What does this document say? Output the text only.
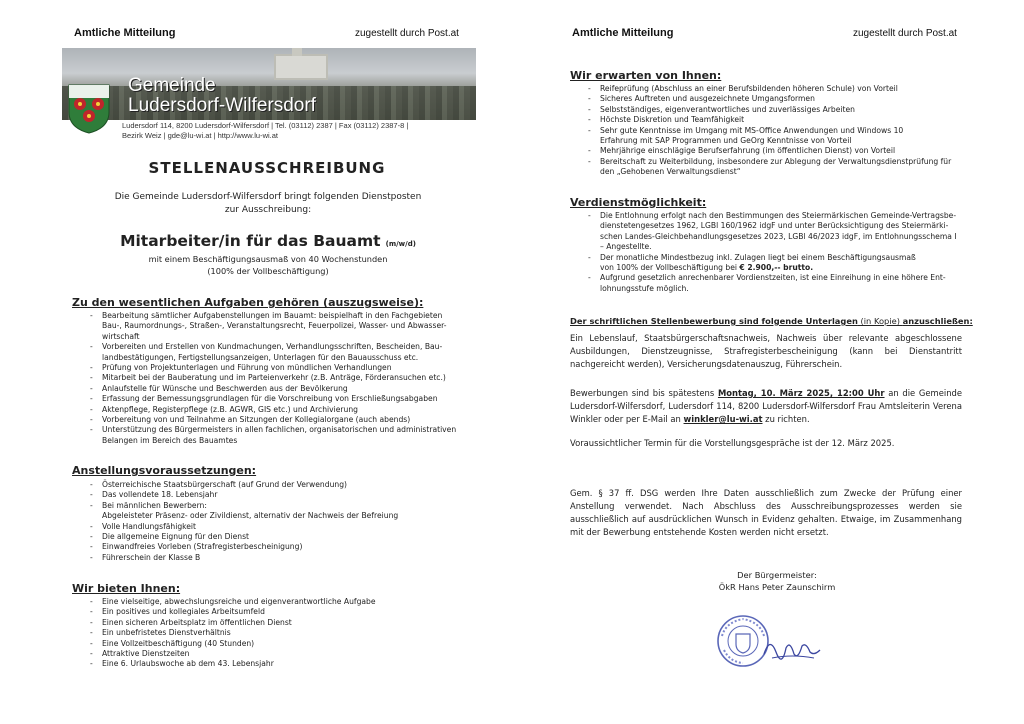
Amtliche Mitteilung	zugestellt durch Post.at
Gemeinde
Ludersdorf-Wilfersdorf
Ludersdorf 114, 8200 Ludersdorf-Wilfersdorf | Tel. (03112) 2387 | Fax (03112) 2387-8 |
Bezirk Weiz | gde@lu-wi.at | http://www.lu-wi.at
STELLENAUSSCHREIBUNG
Die Gemeinde Ludersdorf-Wilfersdorf bringt folgenden Dienstposten
zur Ausschreibung:
Mitarbeiter/in für das Bauamt (m/w/d)
mit einem Beschäftigungsausmaß von 40 Wochenstunden
(100% der Vollbeschäftigung)
Zu den wesentlichen Aufgaben gehören (auszugsweise):
- Bearbeitung sämtlicher Aufgabenstellungen im Bauamt: beispielhaft in den Fachgebieten
Bau-, Raumordnungs-, Straßen-, Veranstaltungsrecht, Feuerpolizei, Wasser- und Abwasser-
wirtschaft
- Vorbereiten und Erstellen von Kundmachungen, Verhandlungsschriften, Bescheiden, Bau-
landbestätigungen, Fertigstellungsanzeigen, Unterlagen für den Bauausschuss etc.
- Prüfung von Projektunterlagen und Führung von mündlichen Verhandlungen
- Mitarbeit bei der Bauberatung und im Parteienverkehr (z.B. Anträge, Förderansuchen etc.)
- Anlaufstelle für Wünsche und Beschwerden aus der Bevölkerung
- Erfassung der Bemessungsgrundlagen für die Vorschreibung von Erschließungsabgaben
- Aktenpflege, Registerpflege (z.B. AGWR, GIS etc.) und Archivierung
- Vorbereitung von und Teilnahme an Sitzungen der Kollegialorgane (auch abends)
- Unterstützung des Bürgermeisters in allen fachlichen, organisatorischen und administrativen
Belangen im Bereich des Bauamtes
Anstellungsvoraussetzungen:
- Österreichische Staatsbürgerschaft (auf Grund der Verwendung)
- Das vollendete 18. Lebensjahr
- Bei männlichen Bewerbern:
Abgeleisteter Präsenz- oder Zivildienst, alternativ der Nachweis der Befreiung
- Volle Handlungsfähigkeit
- Die allgemeine Eignung für den Dienst
- Einwandfreies Vorleben (Strafregisterbescheinigung)
- Führerschein der Klasse B
Wir bieten Ihnen:
- Eine vielseitige, abwechslungsreiche und eigenverantwortliche Aufgabe
- Ein positives und kollegiales Arbeitsumfeld
- Einen sicheren Arbeitsplatz im öffentlichen Dienst
- Ein unbefristetes Dienstverhältnis
- Eine Vollzeitbeschäftigung (40 Stunden)
- Attraktive Dienstzeiten
- Eine 6. Urlaubswoche ab dem 43. Lebensjahr
Amtliche Mitteilung	zugestellt durch Post.at
Wir erwarten von Ihnen:
- Reifeprüfung (Abschluss an einer Berufsbildenden höheren Schule) von Vorteil
- Sicheres Auftreten und ausgezeichnete Umgangsformen
- Selbstständiges, eigenverantwortliches und zuverlässiges Arbeiten
- Höchste Diskretion und Teamfähigkeit
- Sehr gute Kenntnisse im Umgang mit MS-Office Anwendungen und Windows 10
Erfahrung mit SAP Programmen und GeOrg Kenntnisse von Vorteil
- Mehrjährige einschlägige Berufserfahrung (im öffentlichen Dienst) von Vorteil
- Bereitschaft zu Weiterbildung, insbesondere zur Ablegung der Verwaltungsdienstprüfung für
den „Gehobenen Verwaltungsdienst“
Verdienstmöglichkeit:
- Die Entlohnung erfolgt nach den Bestimmungen des Steiermärkischen Gemeinde-Vertragsbe-
dienstetengesetzes 1962, LGBl 160/1962 idgF und unter Berücksichtigung des Steiermärki-
schen Landes-Gleichbehandlungsgesetzes 2023, LGBl 46/2023 idgF, im Entlohnungsschema I
– Angestellte.
- Der monatliche Mindestbezug inkl. Zulagen liegt bei einem Beschäftigungsausmaß
von 100% der Vollbeschäftigung bei € 2.900,-- brutto.
- Aufgrund gesetzlich anrechenbarer Vordienstzeiten, ist eine Einreihung in eine höhere Ent-
lohnungsstufe möglich.
Der schriftlichen Stellenbewerbung sind folgende Unterlagen (in Kopie) anzuschließen:
Ein Lebenslauf, Staatsbürgerschaftsnachweis, Nachweis über relevante abgeschlossene Ausbildungen, Dienstzeugnisse, Strafregisterbescheinigung (kann bei Dienstantritt nachgereicht werden), Versicherungsdatenauszug, Führerschein.
Bewerbungen sind bis spätestens Montag, 10. März 2025, 12:00 Uhr an die Gemeinde Ludersdorf-Wilfersdorf, Ludersdorf 114, 8200 Ludersdorf-Wilfersdorf Frau Amtsleiterin Verena Winkler oder per E-Mail an winkler@lu-wi.at zu richten.
Voraussichtlicher Termin für die Vorstellungsgespräche ist der 12. März 2025.
Gem. § 37 ff. DSG werden Ihre Daten ausschließlich zum Zwecke der Prüfung einer Anstellung verwendet. Nach Abschluss des Ausschreibungsprozesses werden sie ausschließlich auf ausdrücklichen Wunsch in Evidenz gehalten. Etwaige, im Zusammenhang mit der Bewerbung entstehende Kosten werden nicht ersetzt.
Der Bürgermeister:
ÖkR Hans Peter Zaunschirm
